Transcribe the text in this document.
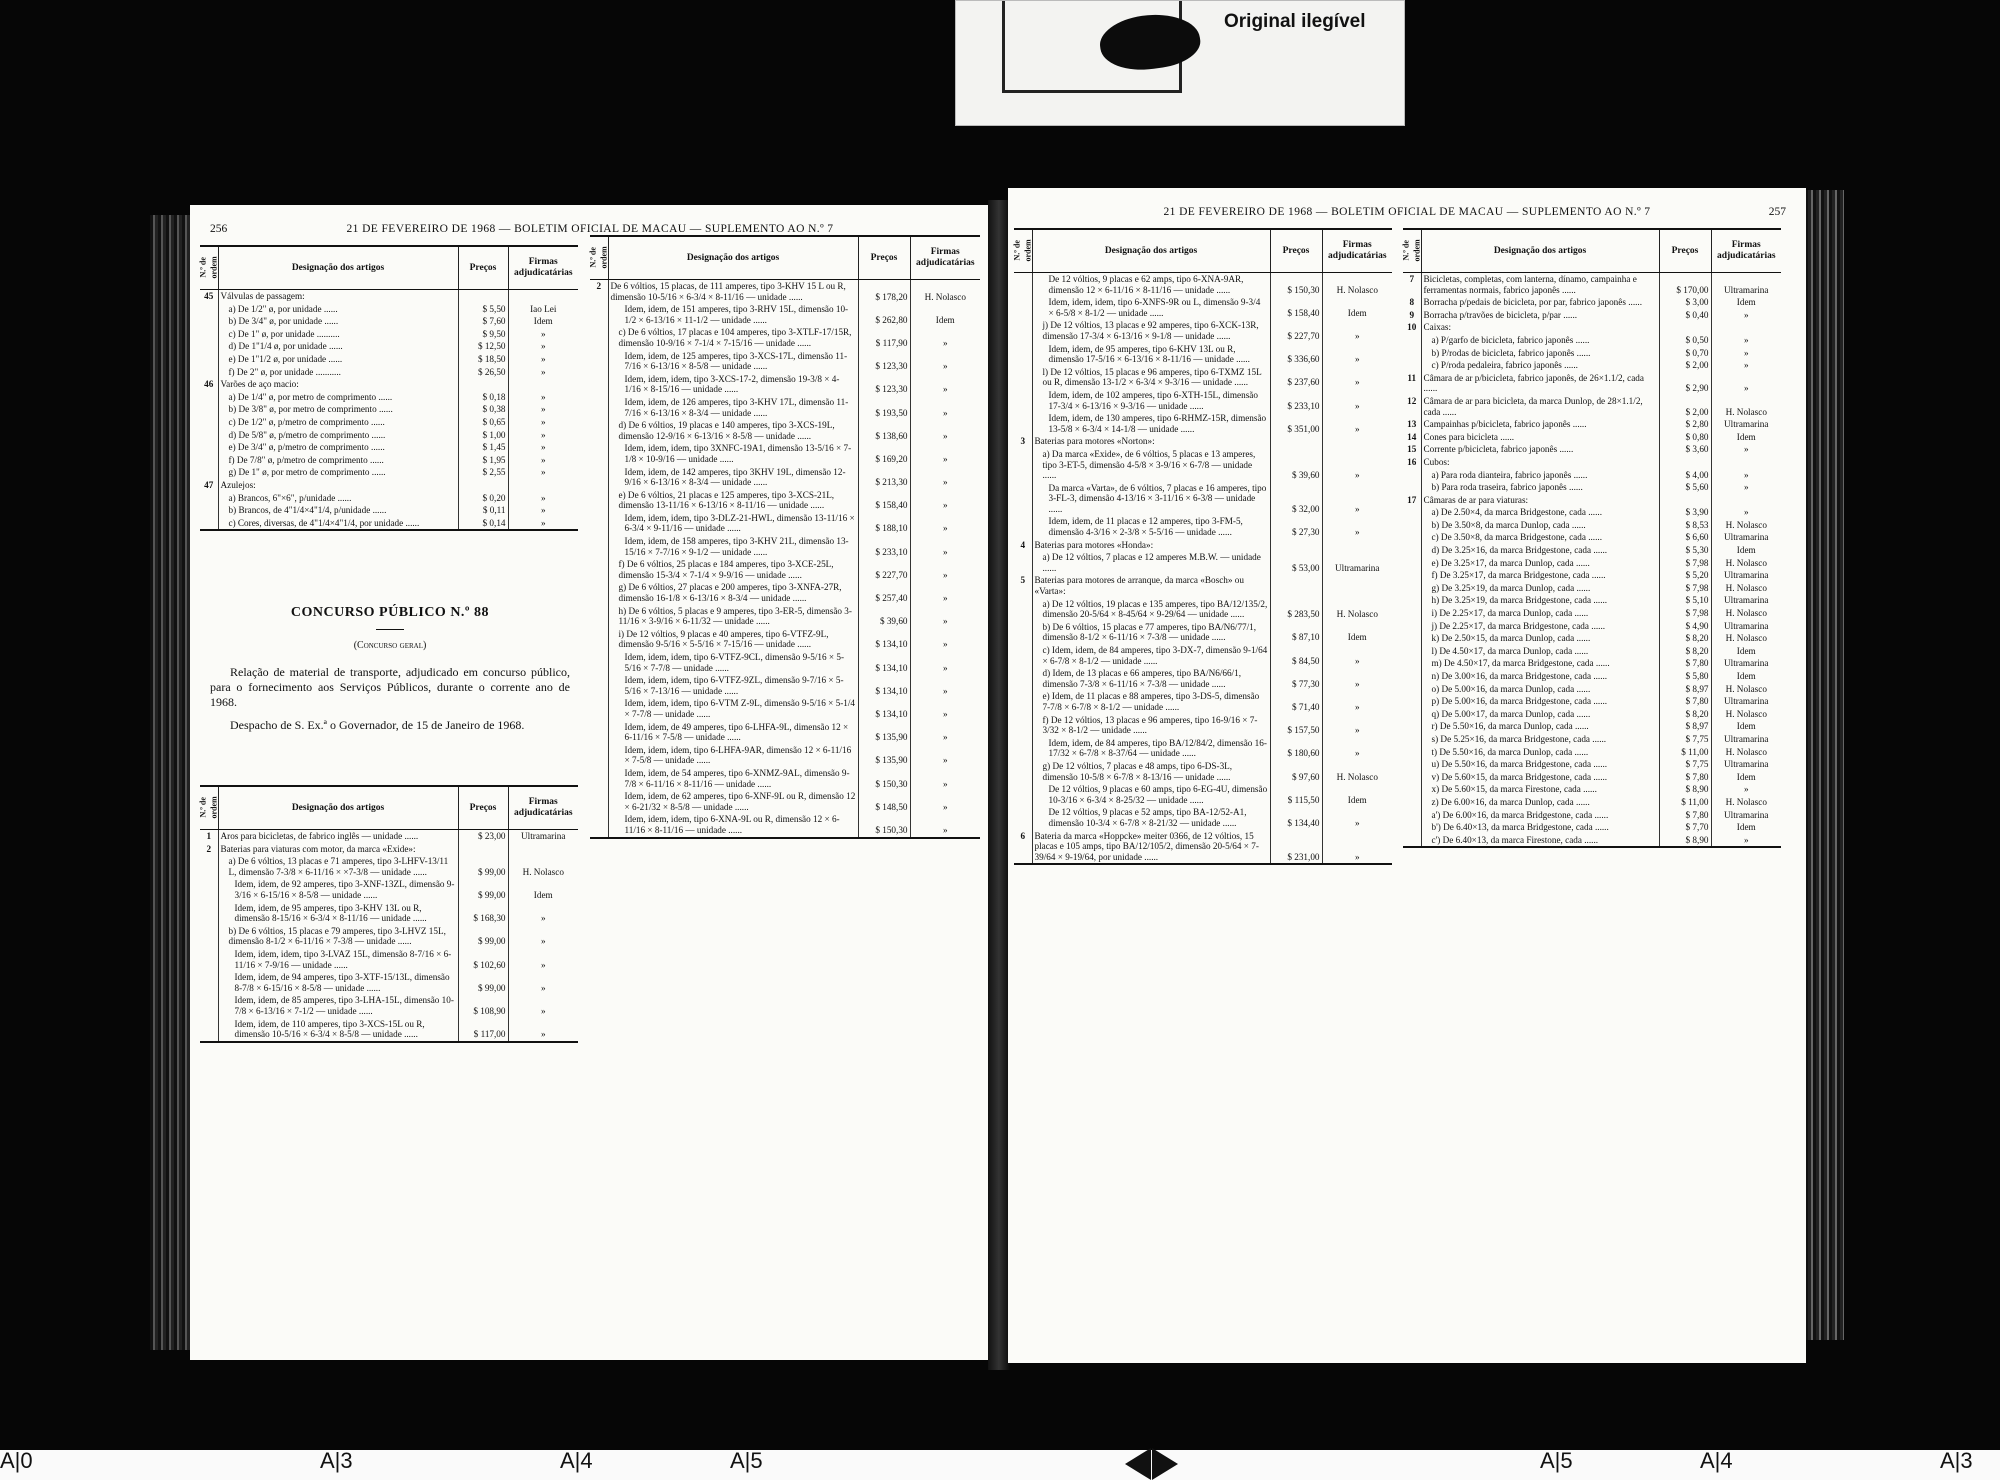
Original ilegível
256	21 DE FEVEREIRO DE 1968 — BOLETIM OFICIAL DE MACAU — SUPLEMENTO AO N.º 7
N.º de ordem	Designação dos artigos	Preços	Firmas adjudicatárias
45	Válvulas de passagem:		
	a) De 1/2" ø, por unidade ......	$ 5,50	Iao Lei
	b) De 3/4" ø, por unidade ......	$ 7,60	Idem
	c) De 1" ø, por unidade ..........	$ 9,50	»
	d) De 1"1/4 ø, por unidade ......	$ 12,50	»
	e) De 1"1/2 ø, por unidade ......	$ 18,50	»
	f) De 2" ø, por unidade ...........	$ 26,50	»
46	Varões de aço macio:		
	a) De 1/4" ø, por metro de comprimento ......	$ 0,18	»
	b) De 3/8" ø, por metro de comprimento ......	$ 0,38	»
	c) De 1/2" ø, p/metro de comprimento ......	$ 0,65	»
	d) De 5/8" ø, p/metro de comprimento ......	$ 1,00	»
	e) De 3/4" ø, p/metro de comprimento ......	$ 1,45	»
	f) De 7/8" ø, p/metro de comprimento ......	$ 1,95	»
	g) De 1" ø, por metro de comprimento ......	$ 2,55	»
47	Azulejos:		
	a) Brancos, 6"×6", p/unidade ......	$ 0,20	»
	b) Brancos, de 4"1/4×4"1/4, p/unidade ......	$ 0,11	»
	c) Cores, diversas, de 4"1/4×4"1/4, por unidade ......	$ 0,14	»
CONCURSO PÚBLICO N.º 88
(Concurso geral)
Relação de material de transporte, adjudicado em concurso público, para o fornecimento aos Serviços Públicos, durante o corrente ano de 1968.
Despacho de S. Ex.ª o Governador, de 15 de Janeiro de 1968.
N.º de ordem	Designação dos artigos	Preços	Firmas adjudicatárias
1	Aros para bicicletas, de fabrico inglês — unidade ......	$ 23,00	Ultramarina
2	Baterias para viaturas com motor, da marca «Exide»:		
	a) De 6 vóltios, 13 placas e 71 amperes, tipo 3-LHFV-13/11 L, dimensão 7-3/8 × 6-11/16 × ×7-3/8 — unidade ......	$ 99,00	H. Nolasco
	Idem, idem, de 92 amperes, tipo 3-XNF-13ZL, dimensão 9-3/16 × 6-15/16 × 8-5/8 — unidade ......	$ 99,00	Idem
	Idem, idem, de 95 amperes, tipo 3-KHV 13L ou R, dimensão 8-15/16 × 6-3/4 × 8-11/16 — unidade ......	$ 168,30	»
	b) De 6 vóltios, 15 placas e 79 amperes, tipo 3-LHVZ 15L, dimensão 8-1/2 × 6-11/16 × 7-3/8 — unidade ......	$ 99,00	»
	Idem, idem, idem, tipo 3-LVAZ 15L, dimensão 8-7/16 × 6-11/16 × 7-9/16 — unidade ......	$ 102,60	»
	Idem, idem, de 94 amperes, tipo 3-XTF-15/13L, dimensão 8-7/8 × 6-15/16 × 8-5/8 — unidade ......	$ 99,00	»
	Idem, idem, de 85 amperes, tipo 3-LHA-15L, dimensão 10-7/8 × 6-13/16 × 7-1/2 — unidade ......	$ 108,90	»
	Idem, idem, de 110 amperes, tipo 3-XCS-15L ou R, dimensão 10-5/16 × 6-3/4 × 8-5/8 — unidade ......	$ 117,00	»
N.º de ordem	Designação dos artigos	Preços	Firmas adjudicatárias
2	De 6 vóltios, 15 placas, de 111 amperes, tipo 3-KHV 15 L ou R, dimensão 10-5/16 × 6-3/4 × 8-11/16 — unidade ......	$ 178,20	H. Nolasco
	Idem, idem, de 151 amperes, tipo 3-RHV 15L, dimensão 10-1/2 × 6-13/16 × 11-1/2 — unidade ......	$ 262,80	Idem
	c) De 6 vóltios, 17 placas e 104 amperes, tipo 3-XTLF-17/15R, dimensão 10-9/16 × 7-1/4 × 7-15/16 — unidade ......	$ 117,90	»
	Idem, idem, de 125 amperes, tipo 3-XCS-17L, dimensão 11-7/16 × 6-13/16 × 8-5/8 — unidade ......	$ 123,30	»
	Idem, idem, idem, tipo 3-XCS-17-2, dimensão 19-3/8 × 4-1/16 × 8-15/16 — unidade ......	$ 123,30	»
	Idem, idem, de 126 amperes, tipo 3-KHV 17L, dimensão 11-7/16 × 6-13/16 × 8-3/4 — unidade ......	$ 193,50	»
	d) De 6 vóltios, 19 placas e 140 amperes, tipo 3-XCS-19L, dimensão 12-9/16 × 6-13/16 × 8-5/8 — unidade ......	$ 138,60	»
	Idem, idem, idem, tipo 3XNFC-19A1, dimensão 13-5/16 × 7-1/8 × 10-9/16 — unidade ......	$ 169,20	»
	Idem, idem, de 142 amperes, tipo 3KHV 19L, dimensão 12-9/16 × 6-13/16 × 8-3/4 — unidade ......	$ 213,30	»
	e) De 6 vóltios, 21 placas e 125 amperes, tipo 3-XCS-21L, dimensão 13-11/16 × 6-13/16 × 8-11/16 — unidade ......	$ 158,40	»
	Idem, idem, idem, tipo 3-DLZ-21-HWL, dimensão 13-11/16 × 6-3/4 × 9-11/16 — unidade ......	$ 188,10	»
	Idem, idem, de 158 amperes, tipo 3-KHV 21L, dimensão 13-15/16 × 7-7/16 × 9-1/2 — unidade ......	$ 233,10	»
	f) De 6 vóltios, 25 placas e 184 amperes, tipo 3-XCE-25L, dimensão 15-3/4 × 7-1/4 × 9-9/16 — unidade ......	$ 227,70	»
	g) De 6 vóltios, 27 placas e 200 amperes, tipo 3-XNFA-27R, dimensão 16-1/8 × 6-13/16 × 8-3/4 — unidade ......	$ 257,40	»
	h) De 6 vóltios, 5 placas e 9 amperes, tipo 3-ER-5, dimensão 3-11/16 × 3-9/16 × 6-11/32 — unidade ......	$ 39,60	»
	i) De 12 vóltios, 9 placas e 40 amperes, tipo 6-VTFZ-9L, dimensão 9-5/16 × 5-5/16 × 7-15/16 — unidade ......	$ 134,10	»
	Idem, idem, idem, tipo 6-VTFZ-9CL, dimensão 9-5/16 × 5-5/16 × 7-7/8 — unidade ......	$ 134,10	»
	Idem, idem, idem, tipo 6-VTFZ-9ZL, dimensão 9-7/16 × 5-5/16 × 7-13/16 — unidade ......	$ 134,10	»
	Idem, idem, idem, tipo 6-VTM Z-9L, dimensão 9-5/16 × 5-1/4 × 7-7/8 — unidade ......	$ 134,10	»
	Idem, idem, de 49 amperes, tipo 6-LHFA-9L, dimensão 12 × 6-11/16 × 7-5/8 — unidade ......	$ 135,90	»
	Idem, idem, idem, tipo 6-LHFA-9AR, dimensão 12 × 6-11/16 × 7-5/8 — unidade ......	$ 135,90	»
	Idem, idem, de 54 amperes, tipo 6-XNMZ-9AL, dimensão 9-7/8 × 6-11/16 × 8-11/16 — unidade ......	$ 150,30	»
	Idem, idem, de 62 amperes, tipo 6-XNF-9L ou R, dimensão 12 × 6-21/32 × 8-5/8 — unidade ......	$ 148,50	»
	Idem, idem, idem, tipo 6-XNA-9L ou R, dimensão 12 × 6-11/16 × 8-11/16 — unidade ......	$ 150,30	»
21 DE FEVEREIRO DE 1968 — BOLETIM OFICIAL DE MACAU — SUPLEMENTO AO N.º 7	257
N.º de ordem	Designação dos artigos	Preços	Firmas adjudicatárias
	De 12 vóltios, 9 placas e 62 amps, tipo 6-XNA-9AR, dimensão 12 × 6-11/16 × 8-11/16 — unidade ......	$ 150,30	H. Nolasco
	Idem, idem, idem, tipo 6-XNFS-9R ou L, dimensão 9-3/4 × 6-5/8 × 8-1/2 — unidade ......	$ 158,40	Idem
	j) De 12 vóltios, 13 placas e 92 amperes, tipo 6-XCK-13R, dimensão 17-3/4 × 6-13/16 × 9-1/8 — unidade ......	$ 227,70	»
	Idem, idem, de 95 amperes, tipo 6-KHV 13L ou R, dimensão 17-5/16 × 6-13/16 × 8-11/16 — unidade ......	$ 336,60	»
	l) De 12 vóltios, 15 placas e 96 amperes, tipo 6-TXMZ 15L ou R, dimensão 13-1/2 × 6-3/4 × 9-3/16 — unidade ......	$ 237,60	»
	Idem, idem, de 102 amperes, tipo 6-XTH-15L, dimensão 17-3/4 × 6-13/16 × 9-3/16 — unidade ......	$ 233,10	»
	Idem, idem, de 130 amperes, tipo 6-RHMZ-15R, dimensão 13-5/8 × 6-3/4 × 14-1/8 — unidade ......	$ 351,00	»
3	Baterias para motores «Norton»:		
	a) Da marca «Exide», de 6 vóltios, 5 placas e 13 amperes, tipo 3-ET-5, dimensão 4-5/8 × 3-9/16 × 6-7/8 — unidade ......	$ 39,60	»
	Da marca «Varta», de 6 vóltios, 7 placas e 16 amperes, tipo 3-FL-3, dimensão 4-13/16 × 3-11/16 × 6-3/8 — unidade ......	$ 32,00	»
	Idem, idem, de 11 placas e 12 amperes, tipo 3-FM-5, dimensão 4-3/16 × 2-3/8 × 5-5/16 — unidade ......	$ 27,30	»
4	Baterias para motores «Honda»:		
	a) De 12 vóltios, 7 placas e 12 amperes M.B.W. — unidade ......	$ 53,00	Ultramarina
5	Baterias para motores de arranque, da marca «Bosch» ou «Varta»:		
	a) De 12 vóltios, 19 placas e 135 amperes, tipo BA/12/135/2, dimensão 20-5/64 × 8-45/64 × 9-29/64 — unidade ......	$ 283,50	H. Nolasco
	b) De 6 vóltios, 15 placas e 77 amperes, tipo BA/N6/77/1, dimensão 8-1/2 × 6-11/16 × 7-3/8 — unidade ......	$ 87,10	Idem
	c) Idem, idem, de 84 amperes, tipo 3-DX-7, dimensão 9-1/64 × 6-7/8 × 8-1/2 — unidade ......	$ 84,50	»
	d) Idem, de 13 placas e 66 amperes, tipo BA/N6/66/1, dimensão 7-3/8 × 6-11/16 × 7-3/8 — unidade ......	$ 77,30	»
	e) Idem, de 11 placas e 88 amperes, tipo 3-DS-5, dimensão 7-7/8 × 6-7/8 × 8-1/2 — unidade ......	$ 71,40	»
	f) De 12 vóltios, 13 placas e 96 amperes, tipo 16-9/16 × 7-3/32 × 8-1/2 — unidade ......	$ 157,50	»
	Idem, idem, de 84 amperes, tipo BA/12/84/2, dimensão 16-17/32 × 6-7/8 × 8-37/64 — unidade ......	$ 180,60	»
	g) De 12 vóltios, 7 placas e 48 amps, tipo 6-DS-3L, dimensão 10-5/8 × 6-7/8 × 8-13/16 — unidade ......	$ 97,60	H. Nolasco
	De 12 vóltios, 9 placas e 60 amps, tipo 6-EG-4U, dimensão 10-3/16 × 6-3/4 × 8-25/32 — unidade ......	$ 115,50	Idem
	De 12 vóltios, 9 placas e 52 amps, tipo BA-12/52-A1, dimensão 10-3/4 × 6-7/8 × 8-21/32 — unidade ......	$ 134,40	»
6	Bateria da marca «Hoppcke» meiter 0366, de 12 vóltios, 15 placas e 105 amps, tipo BA/12/105/2, dimensão 20-5/64 × 7-39/64 × 9-19/64, por unidade ......	$ 231,00	»
N.º de ordem	Designação dos artigos	Preços	Firmas adjudicatárias
7	Bicicletas, completas, com lanterna, dínamo, campainha e ferramentas normais, fabrico japonês ......	$ 170,00	Ultramarina
8	Borracha p/pedais de bicicleta, por par, fabrico japonês ......	$ 3,00	Idem
9	Borracha p/travões de bicicleta, p/par ......	$ 0,40	»
10	Caixas:		
	a) P/garfo de bicicleta, fabrico japonês ......	$ 0,50	»
	b) P/rodas de bicicleta, fabrico japonês ......	$ 0,70	»
	c) P/roda pedaleira, fabrico japonês ......	$ 2,00	»
11	Câmara de ar p/bicicleta, fabrico japonês, de 26×1.1/2, cada ......	$ 2,90	»
12	Câmara de ar para bicicleta, da marca Dunlop, de 28×1.1/2, cada ......	$ 2,00	H. Nolasco
13	Campainhas p/bicicleta, fabrico japonês ......	$ 2,80	Ultramarina
14	Cones para bicicleta ......	$ 0,80	Idem
15	Corrente p/bicicleta, fabrico japonês ......	$ 3,60	»
16	Cubos:		
	a) Para roda dianteira, fabrico japonês ......	$ 4,00	»
	b) Para roda traseira, fabrico japonês ......	$ 5,60	»
17	Câmaras de ar para viaturas:		
	a) De 2.50×4, da marca Bridgestone, cada ......	$ 3,90	»
	b) De 3.50×8, da marca Dunlop, cada ......	$ 8,53	H. Nolasco
	c) De 3.50×8, da marca Bridgestone, cada ......	$ 6,60	Ultramarina
	d) De 3.25×16, da marca Bridgestone, cada ......	$ 5,30	Idem
	e) De 3.25×17, da marca Dunlop, cada ......	$ 7,98	H. Nolasco
	f) De 3.25×17, da marca Bridgestone, cada ......	$ 5,20	Ultramarina
	g) De 3.25×19, da marca Dunlop, cada ......	$ 7,98	H. Nolasco
	h) De 3.25×19, da marca Bridgestone, cada ......	$ 5,10	Ultramarina
	i) De 2.25×17, da marca Dunlop, cada ......	$ 7,98	H. Nolasco
	j) De 2.25×17, da marca Bridgestone, cada ......	$ 4,90	Ultramarina
	k) De 2.50×15, da marca Dunlop, cada ......	$ 8,20	H. Nolasco
	l) De 4.50×17, da marca Dunlop, cada ......	$ 8,20	Idem
	m) De 4.50×17, da marca Bridgestone, cada ......	$ 7,80	Ultramarina
	n) De 3.00×16, da marca Bridgestone, cada ......	$ 5,80	Idem
	o) De 5.00×16, da marca Dunlop, cada ......	$ 8,97	H. Nolasco
	p) De 5.00×16, da marca Bridgestone, cada ......	$ 7,80	Ultramarina
	q) De 5.00×17, da marca Dunlop, cada ......	$ 8,20	H. Nolasco
	r) De 5.50×16, da marca Dunlop, cada ......	$ 8,97	Idem
	s) De 5.25×16, da marca Bridgestone, cada ......	$ 7,75	Ultramarina
	t) De 5.50×16, da marca Dunlop, cada ......	$ 11,00	H. Nolasco
	u) De 5.50×16, da marca Bridgestone, cada ......	$ 7,75	Ultramarina
	v) De 5.60×15, da marca Bridgestone, cada ......	$ 7,80	Idem
	x) De 5.60×15, da marca Firestone, cada ......	$ 8,90	»
	z) De 6.00×16, da marca Dunlop, cada ......	$ 11,00	H. Nolasco
	a') De 6.00×16, da marca Bridgestone, cada ......	$ 7,80	Ultramarina
	b') De 6.40×13, da marca Bridgestone, cada ......	$ 7,70	Idem
	c') De 6.40×13, da marca Firestone, cada ......	$ 8,90	»
A|0	A|3	A|4	A|5	A|5	A|4	A|3
